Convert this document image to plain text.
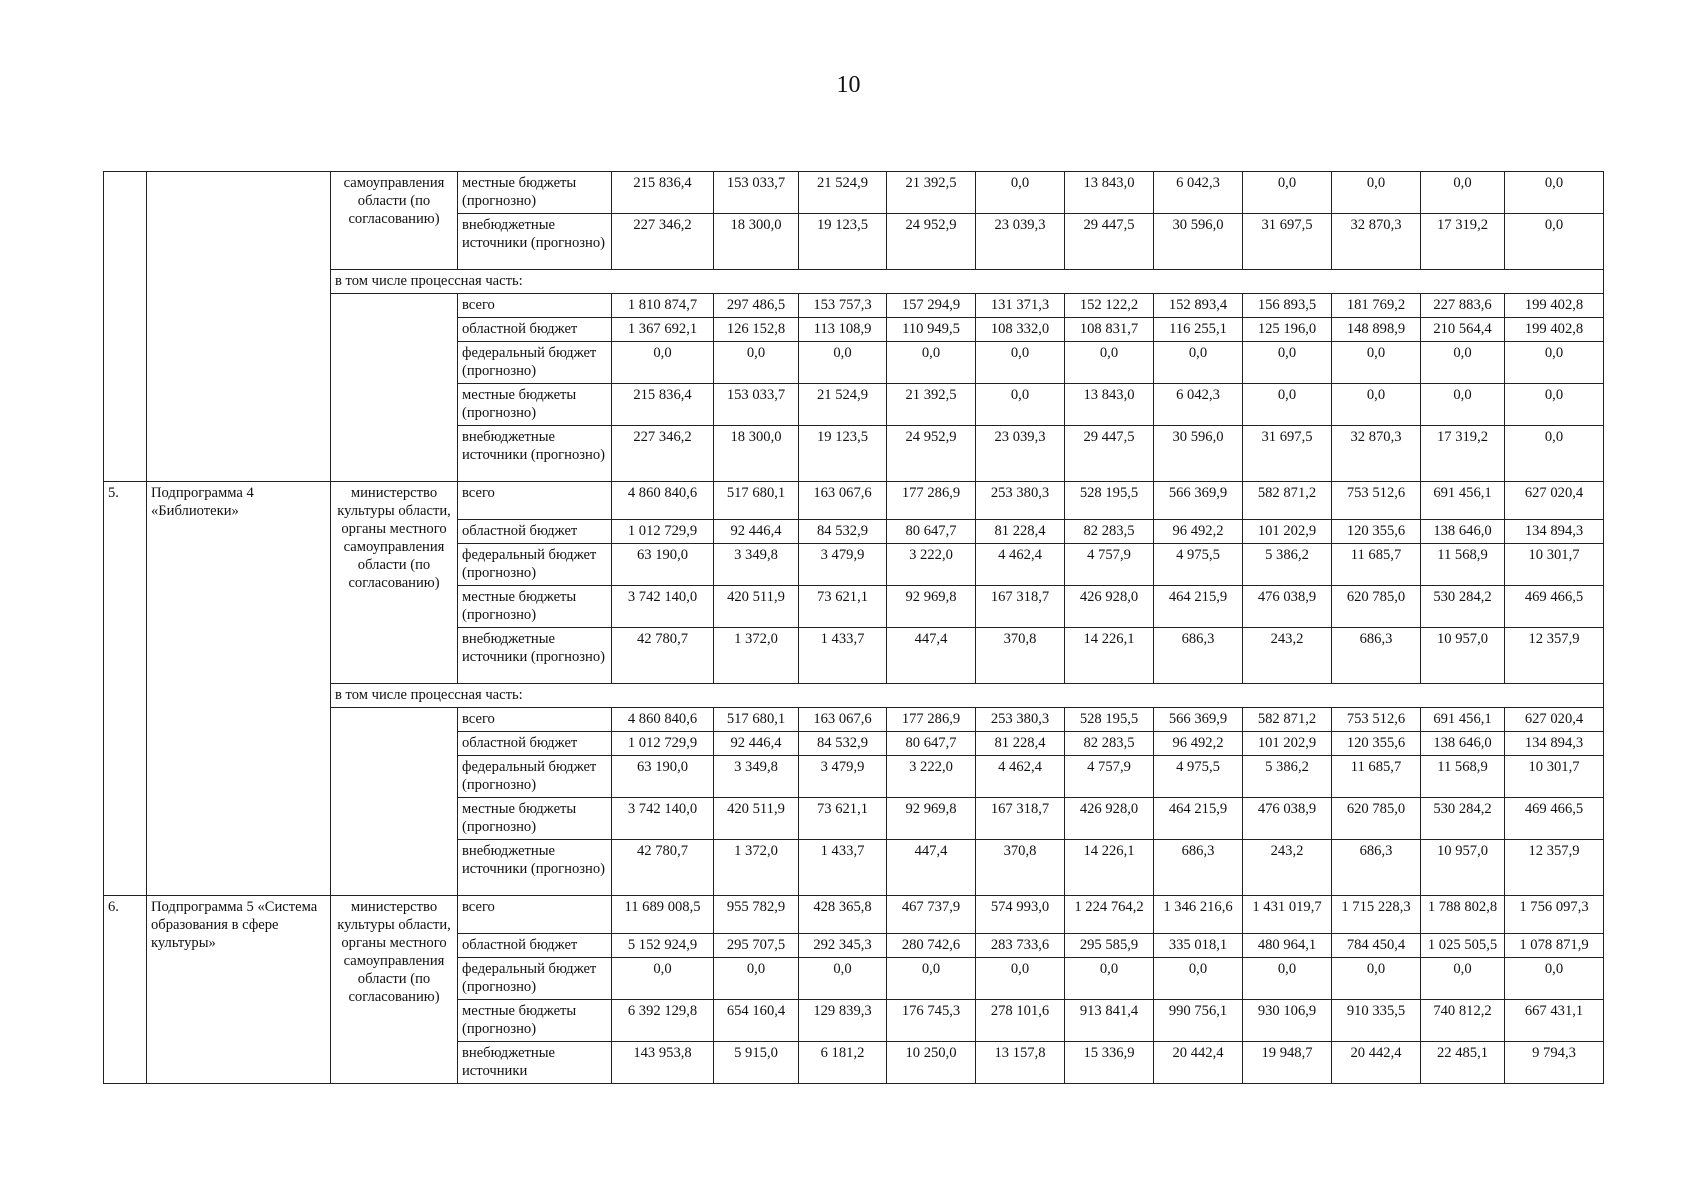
10
		самоуправления области (по согласованию)	местные бюджеты (прогнозно)	215 836,4	153 033,7	21 524,9	21 392,5	0,0	13 843,0	6 042,3	0,0	0,0	0,0	0,0
			внебюджетные источники (прогнозно)	227 346,2	18 300,0	19 123,5	24 952,9	23 039,3	29 447,5	30 596,0	31 697,5	32 870,3	17 319,2	0,0
		в том числе процессная часть:												
			всего	1 810 874,7	297 486,5	153 757,3	157 294,9	131 371,3	152 122,2	152 893,4	156 893,5	181 769,2	227 883,6	199 402,8
			областной бюджет	1 367 692,1	126 152,8	113 108,9	110 949,5	108 332,0	108 831,7	116 255,1	125 196,0	148 898,9	210 564,4	199 402,8
			федеральный бюджет (прогнозно)	0,0	0,0	0,0	0,0	0,0	0,0	0,0	0,0	0,0	0,0	0,0
			местные бюджеты (прогнозно)	215 836,4	153 033,7	21 524,9	21 392,5	0,0	13 843,0	6 042,3	0,0	0,0	0,0	0,0
			внебюджетные источники (прогнозно)	227 346,2	18 300,0	19 123,5	24 952,9	23 039,3	29 447,5	30 596,0	31 697,5	32 870,3	17 319,2	0,0
5.	Подпрограмма 4 «Библиотеки»	министерство культуры области, органы местного самоуправления области (по согласованию)	всего	4 860 840,6	517 680,1	163 067,6	177 286,9	253 380,3	528 195,5	566 369,9	582 871,2	753 512,6	691 456,1	627 020,4
			областной бюджет	1 012 729,9	92 446,4	84 532,9	80 647,7	81 228,4	82 283,5	96 492,2	101 202,9	120 355,6	138 646,0	134 894,3
			федеральный бюджет (прогнозно)	63 190,0	3 349,8	3 479,9	3 222,0	4 462,4	4 757,9	4 975,5	5 386,2	11 685,7	11 568,9	10 301,7
			местные бюджеты (прогнозно)	3 742 140,0	420 511,9	73 621,1	92 969,8	167 318,7	426 928,0	464 215,9	476 038,9	620 785,0	530 284,2	469 466,5
			внебюджетные источники (прогнозно)	42 780,7	1 372,0	1 433,7	447,4	370,8	14 226,1	686,3	243,2	686,3	10 957,0	12 357,9
		в том числе процессная часть:												
			всего	4 860 840,6	517 680,1	163 067,6	177 286,9	253 380,3	528 195,5	566 369,9	582 871,2	753 512,6	691 456,1	627 020,4
			областной бюджет	1 012 729,9	92 446,4	84 532,9	80 647,7	81 228,4	82 283,5	96 492,2	101 202,9	120 355,6	138 646,0	134 894,3
			федеральный бюджет (прогнозно)	63 190,0	3 349,8	3 479,9	3 222,0	4 462,4	4 757,9	4 975,5	5 386,2	11 685,7	11 568,9	10 301,7
			местные бюджеты (прогнозно)	3 742 140,0	420 511,9	73 621,1	92 969,8	167 318,7	426 928,0	464 215,9	476 038,9	620 785,0	530 284,2	469 466,5
			внебюджетные источники (прогнозно)	42 780,7	1 372,0	1 433,7	447,4	370,8	14 226,1	686,3	243,2	686,3	10 957,0	12 357,9
6.	Подпрограмма 5 «Система образования в сфере культуры»	министерство культуры области, органы местного самоуправления области (по согласованию)	всего	11 689 008,5	955 782,9	428 365,8	467 737,9	574 993,0	1 224 764,2	1 346 216,6	1 431 019,7	1 715 228,3	1 788 802,8	1 756 097,3
			областной бюджет	5 152 924,9	295 707,5	292 345,3	280 742,6	283 733,6	295 585,9	335 018,1	480 964,1	784 450,4	1 025 505,5	1 078 871,9
			федеральный бюджет (прогнозно)	0,0	0,0	0,0	0,0	0,0	0,0	0,0	0,0	0,0	0,0	0,0
			местные бюджеты (прогнозно)	6 392 129,8	654 160,4	129 839,3	176 745,3	278 101,6	913 841,4	990 756,1	930 106,9	910 335,5	740 812,2	667 431,1
			внебюджетные источники	143 953,8	5 915,0	6 181,2	10 250,0	13 157,8	15 336,9	20 442,4	19 948,7	20 442,4	22 485,1	9 794,3
